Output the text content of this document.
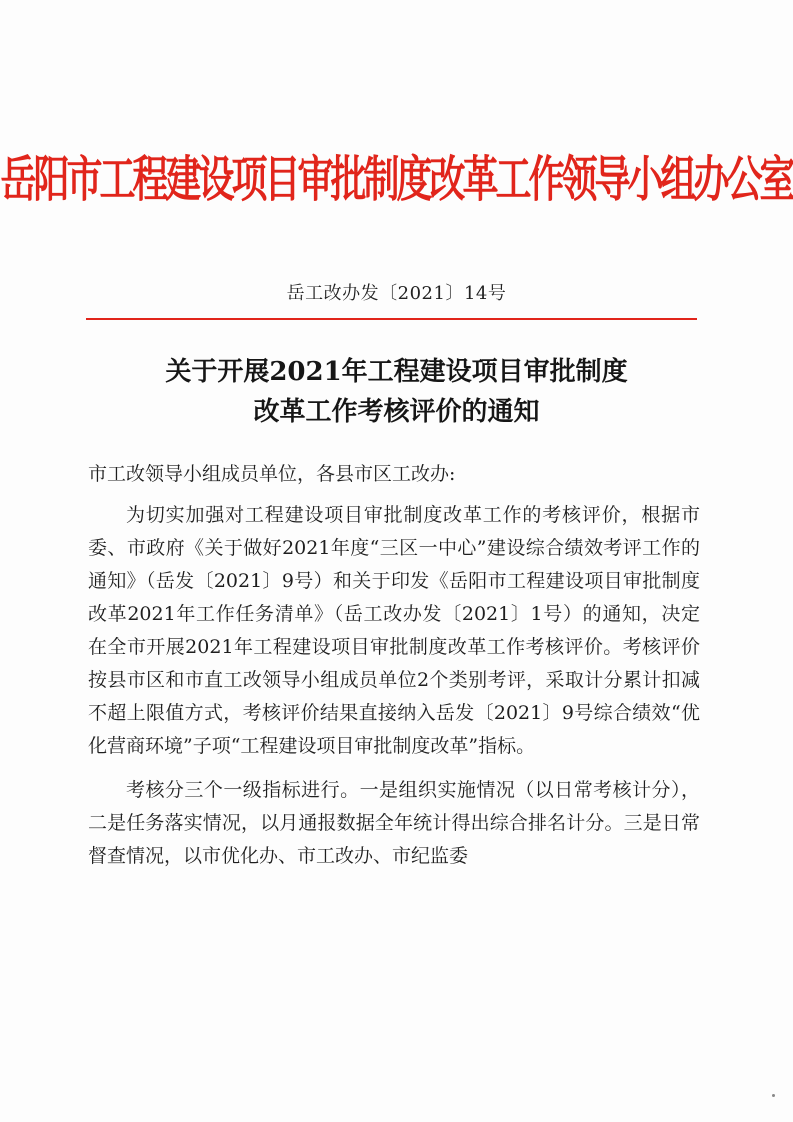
岳阳市工程建设项目审批制度改革工作领导小组办公室
岳工改办发〔2021〕14号
关于开展2021年工程建设项目审批制度
改革工作考核评价的通知

市工改领导小组成员单位，各县市区工改办:

为切实加强对工程建设项目审批制度改革工作的考核评价，根据市委、市政府《关于做好2021年度“三区一中心”建设综合绩效考评工作的通知》（岳发〔2021〕9号）和关于印发《岳阳市工程建设项目审批制度改革2021年工作任务清单》（岳工改办发〔2021〕1号）的通知，决定在全市开展2021年工程建设项目审批制度改革工作考核评价。考核评价按县市区和市直工改领导小组成员单位2个类别考评，采取计分累计扣减不超上限值方式，考核评价结果直接纳入岳发〔2021〕9号综合绩效“优化营商环境”子项“工程建设项目审批制度改革”指标。

考核分三个一级指标进行。一是组织实施情况（以日常考核计分），二是任务落实情况，以月通报数据全年统计得出综合排名计分。三是日常督查情况，以市优化办、市工改办、市纪监委
